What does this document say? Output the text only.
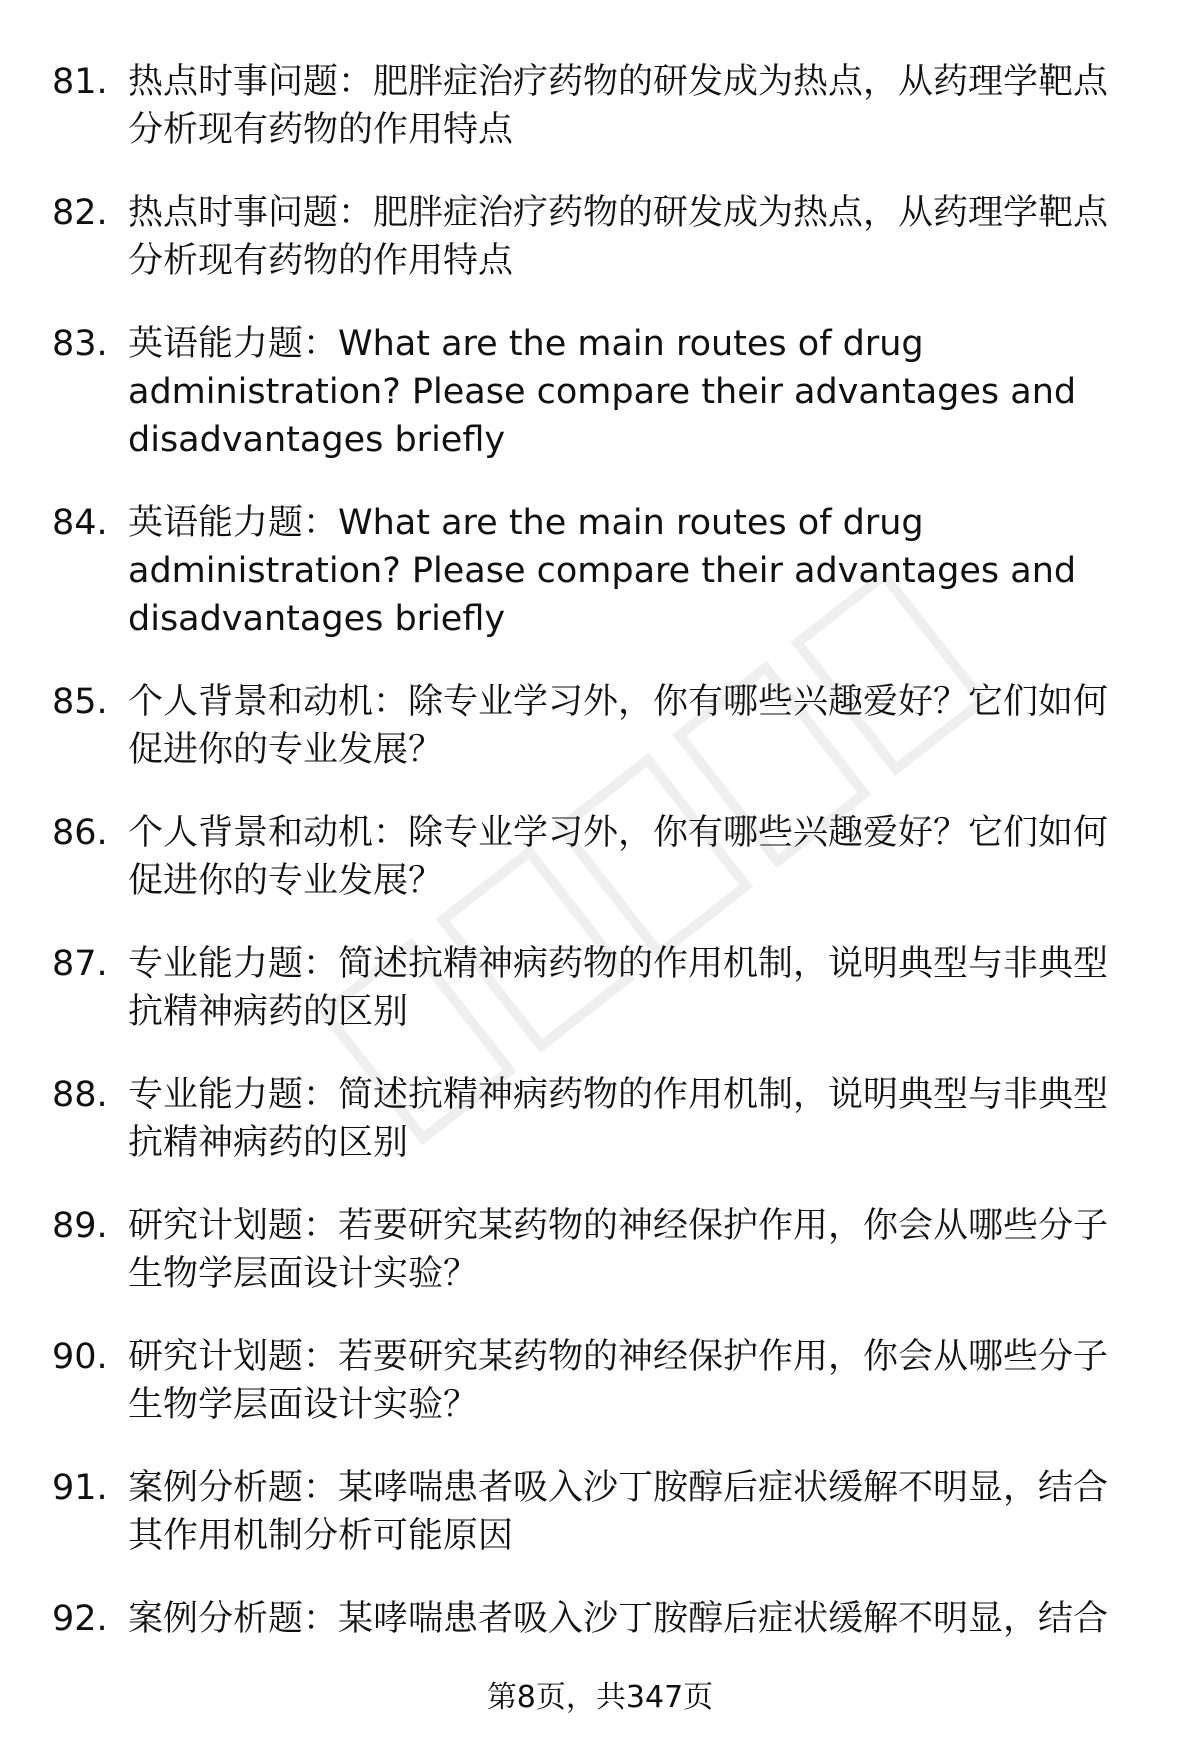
81. 热点时事问题：肥胖症治疗药物的研发成为热点，从药理学靶点分析现有药物的作用特点
82. 热点时事问题：肥胖症治疗药物的研发成为热点，从药理学靶点分析现有药物的作用特点
83. 英语能力题：What are the main routes of drug administration? Please compare their advantages and disadvantages briefly
84. 英语能力题：What are the main routes of drug administration? Please compare their advantages and disadvantages briefly
85. 个人背景和动机：除专业学习外，你有哪些兴趣爱好？它们如何促进你的专业发展？
86. 个人背景和动机：除专业学习外，你有哪些兴趣爱好？它们如何促进你的专业发展？
87. 专业能力题：简述抗精神病药物的作用机制，说明典型与非典型抗精神病药的区别
88. 专业能力题：简述抗精神病药物的作用机制，说明典型与非典型抗精神病药的区别
89. 研究计划题：若要研究某药物的神经保护作用，你会从哪些分子生物学层面设计实验？
90. 研究计划题：若要研究某药物的神经保护作用，你会从哪些分子生物学层面设计实验？
91. 案例分析题：某哮喘患者吸入沙丁胺醇后症状缓解不明显，结合其作用机制分析可能原因
92. 案例分析题：某哮喘患者吸入沙丁胺醇后症状缓解不明显，结合
第8页，共347页
